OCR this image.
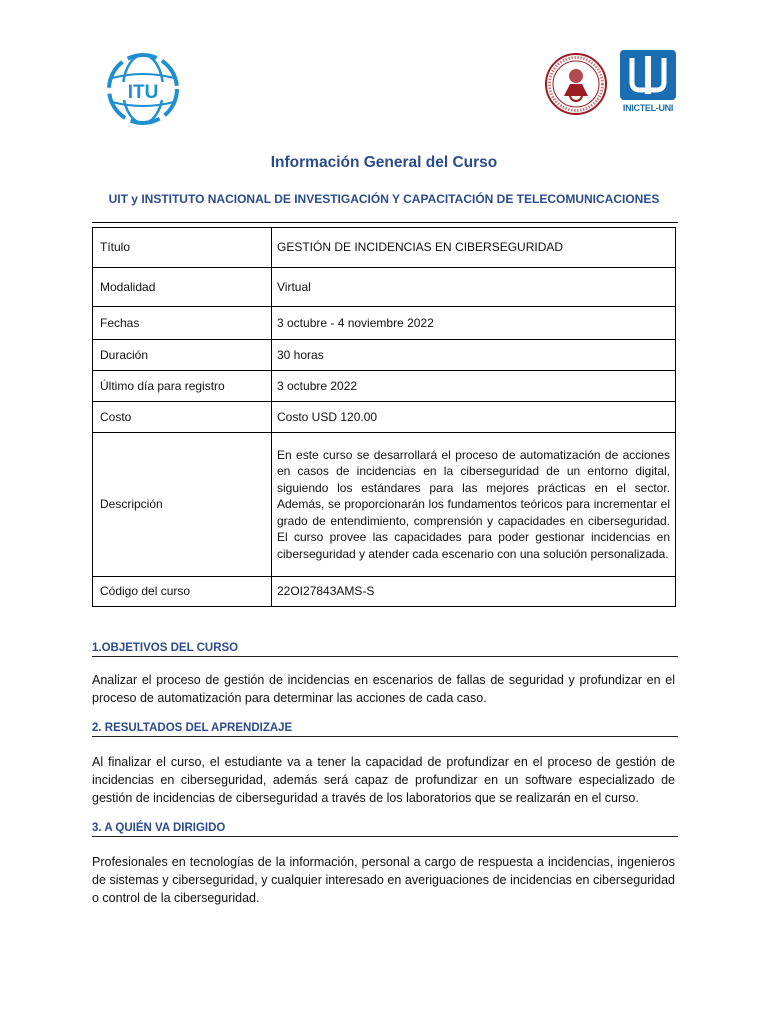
ITU
INICTEL-UNI
Información General del Curso
UIT y INSTITUTO NACIONAL DE INVESTIGACIÓN Y CAPACITACIÓN DE TELECOMUNICACIONES
Título	GESTIÓN DE INCIDENCIAS EN CIBERSEGURIDAD
Modalidad	Virtual
Fechas	3 octubre - 4 noviembre 2022
Duración	30 horas
Último día para registro	3 octubre 2022
Costo	Costo USD 120.00
Descripción	En este curso se desarrollará el proceso de automatización de acciones en casos de incidencias en la ciberseguridad de un entorno digital, siguiendo los estándares para las mejores prácticas en el sector. Además, se proporcionarán los fundamentos teóricos para incrementar el grado de entendimiento, comprensión y capacidades en ciberseguridad. El curso provee las capacidades para poder gestionar incidencias en ciberseguridad y atender cada escenario con una solución personalizada.
Código del curso	22OI27843AMS-S
1.OBJETIVOS DEL CURSO
Analizar el proceso de gestión de incidencias en escenarios de fallas de seguridad y profundizar en el proceso de automatización para determinar las acciones de cada caso.
2. RESULTADOS DEL APRENDIZAJE
Al finalizar el curso, el estudiante va a tener la capacidad de profundizar en el proceso de gestión de incidencias en ciberseguridad, además será capaz de profundizar en un software especializado de gestión de incidencias de ciberseguridad a través de los laboratorios que se realizarán en el curso.
3. A QUIÉN VA DIRIGIDO
Profesionales en tecnologías de la información, personal a cargo de respuesta a incidencias, ingenieros de sistemas y ciberseguridad, y cualquier interesado en averiguaciones de incidencias en ciberseguridad o control de la ciberseguridad.
